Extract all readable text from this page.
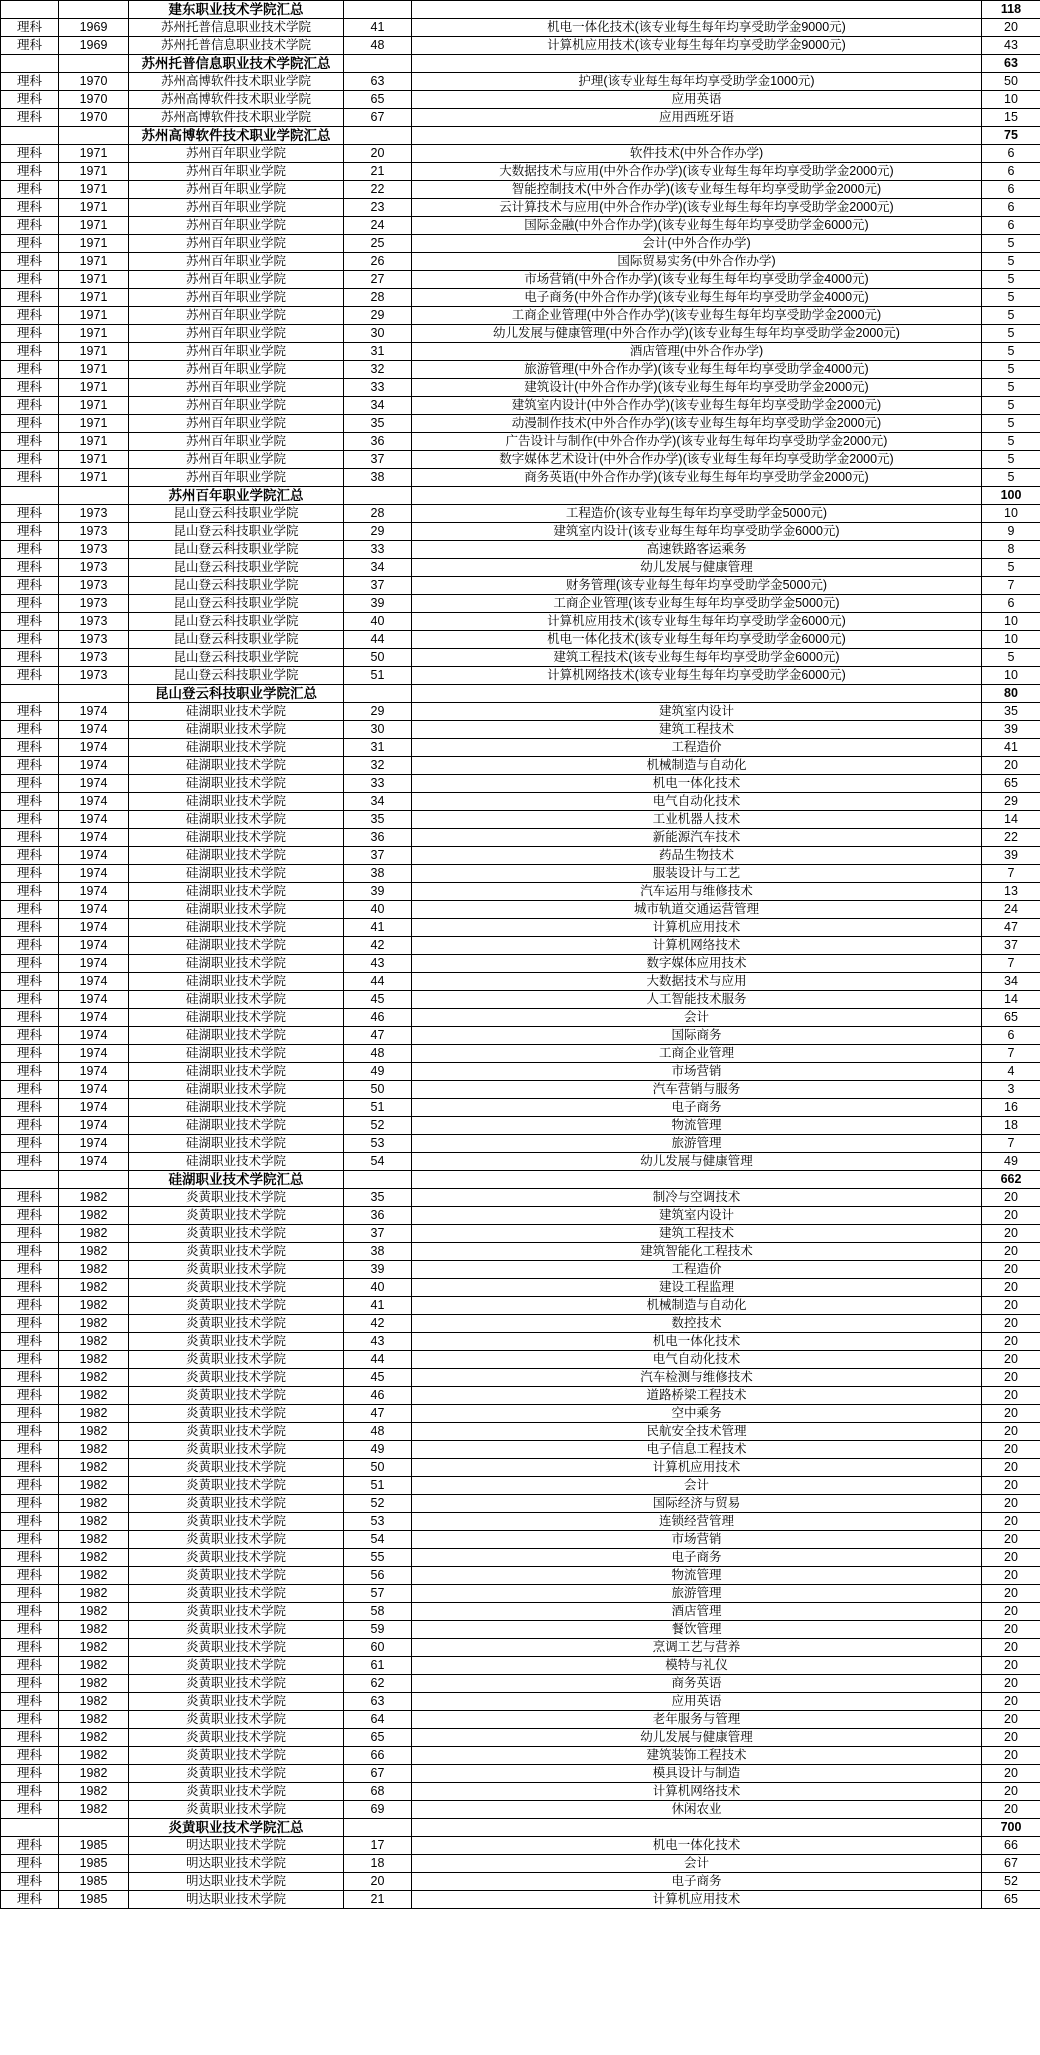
		建东职业技术学院汇总			118

理科	1969	苏州托普信息职业技术学院	41	机电一体化技术(该专业每生每年均享受助学金9000元)	20

理科	1969	苏州托普信息职业技术学院	48	计算机应用技术(该专业每生每年均享受助学金9000元)	43

		苏州托普信息职业技术学院汇总			63

理科	1970	苏州高博软件技术职业学院	63	护理(该专业每生每年均享受助学金1000元)	50

理科	1970	苏州高博软件技术职业学院	65	应用英语	10

理科	1970	苏州高博软件技术职业学院	67	应用西班牙语	15

		苏州高博软件技术职业学院汇总			75

理科	1971	苏州百年职业学院	20	软件技术(中外合作办学)	6

理科	1971	苏州百年职业学院	21	大数据技术与应用(中外合作办学)(该专业每生每年均享受助学金2000元)	6

理科	1971	苏州百年职业学院	22	智能控制技术(中外合作办学)(该专业每生每年均享受助学金2000元)	6

理科	1971	苏州百年职业学院	23	云计算技术与应用(中外合作办学)(该专业每生每年均享受助学金2000元)	6

理科	1971	苏州百年职业学院	24	国际金融(中外合作办学)(该专业每生每年均享受助学金6000元)	6

理科	1971	苏州百年职业学院	25	会计(中外合作办学)	5

理科	1971	苏州百年职业学院	26	国际贸易实务(中外合作办学)	5

理科	1971	苏州百年职业学院	27	市场营销(中外合作办学)(该专业每生每年均享受助学金4000元)	5

理科	1971	苏州百年职业学院	28	电子商务(中外合作办学)(该专业每生每年均享受助学金4000元)	5

理科	1971	苏州百年职业学院	29	工商企业管理(中外合作办学)(该专业每生每年均享受助学金2000元)	5

理科	1971	苏州百年职业学院	30	幼儿发展与健康管理(中外合作办学)(该专业每生每年均享受助学金2000元)	5

理科	1971	苏州百年职业学院	31	酒店管理(中外合作办学)	5

理科	1971	苏州百年职业学院	32	旅游管理(中外合作办学)(该专业每生每年均享受助学金4000元)	5

理科	1971	苏州百年职业学院	33	建筑设计(中外合作办学)(该专业每生每年均享受助学金2000元)	5

理科	1971	苏州百年职业学院	34	建筑室内设计(中外合作办学)(该专业每生每年均享受助学金2000元)	5

理科	1971	苏州百年职业学院	35	动漫制作技术(中外合作办学)(该专业每生每年均享受助学金2000元)	5

理科	1971	苏州百年职业学院	36	广告设计与制作(中外合作办学)(该专业每生每年均享受助学金2000元)	5

理科	1971	苏州百年职业学院	37	数字媒体艺术设计(中外合作办学)(该专业每生每年均享受助学金2000元)	5

理科	1971	苏州百年职业学院	38	商务英语(中外合作办学)(该专业每生每年均享受助学金2000元)	5

		苏州百年职业学院汇总			100

理科	1973	昆山登云科技职业学院	28	工程造价(该专业每生每年均享受助学金5000元)	10

理科	1973	昆山登云科技职业学院	29	建筑室内设计(该专业每生每年均享受助学金6000元)	9

理科	1973	昆山登云科技职业学院	33	高速铁路客运乘务	8

理科	1973	昆山登云科技职业学院	34	幼儿发展与健康管理	5

理科	1973	昆山登云科技职业学院	37	财务管理(该专业每生每年均享受助学金5000元)	7

理科	1973	昆山登云科技职业学院	39	工商企业管理(该专业每生每年均享受助学金5000元)	6

理科	1973	昆山登云科技职业学院	40	计算机应用技术(该专业每生每年均享受助学金6000元)	10

理科	1973	昆山登云科技职业学院	44	机电一体化技术(该专业每生每年均享受助学金6000元)	10

理科	1973	昆山登云科技职业学院	50	建筑工程技术(该专业每生每年均享受助学金6000元)	5

理科	1973	昆山登云科技职业学院	51	计算机网络技术(该专业每生每年均享受助学金6000元)	10

		昆山登云科技职业学院汇总			80

理科	1974	硅湖职业技术学院	29	建筑室内设计	35

理科	1974	硅湖职业技术学院	30	建筑工程技术	39

理科	1974	硅湖职业技术学院	31	工程造价	41

理科	1974	硅湖职业技术学院	32	机械制造与自动化	20

理科	1974	硅湖职业技术学院	33	机电一体化技术	65

理科	1974	硅湖职业技术学院	34	电气自动化技术	29

理科	1974	硅湖职业技术学院	35	工业机器人技术	14

理科	1974	硅湖职业技术学院	36	新能源汽车技术	22

理科	1974	硅湖职业技术学院	37	药品生物技术	39

理科	1974	硅湖职业技术学院	38	服装设计与工艺	7

理科	1974	硅湖职业技术学院	39	汽车运用与维修技术	13

理科	1974	硅湖职业技术学院	40	城市轨道交通运营管理	24

理科	1974	硅湖职业技术学院	41	计算机应用技术	47

理科	1974	硅湖职业技术学院	42	计算机网络技术	37

理科	1974	硅湖职业技术学院	43	数字媒体应用技术	7

理科	1974	硅湖职业技术学院	44	大数据技术与应用	34

理科	1974	硅湖职业技术学院	45	人工智能技术服务	14

理科	1974	硅湖职业技术学院	46	会计	65

理科	1974	硅湖职业技术学院	47	国际商务	6

理科	1974	硅湖职业技术学院	48	工商企业管理	7

理科	1974	硅湖职业技术学院	49	市场营销	4

理科	1974	硅湖职业技术学院	50	汽车营销与服务	3

理科	1974	硅湖职业技术学院	51	电子商务	16

理科	1974	硅湖职业技术学院	52	物流管理	18

理科	1974	硅湖职业技术学院	53	旅游管理	7

理科	1974	硅湖职业技术学院	54	幼儿发展与健康管理	49

		硅湖职业技术学院汇总			662

理科	1982	炎黄职业技术学院	35	制冷与空调技术	20

理科	1982	炎黄职业技术学院	36	建筑室内设计	20

理科	1982	炎黄职业技术学院	37	建筑工程技术	20

理科	1982	炎黄职业技术学院	38	建筑智能化工程技术	20

理科	1982	炎黄职业技术学院	39	工程造价	20

理科	1982	炎黄职业技术学院	40	建设工程监理	20

理科	1982	炎黄职业技术学院	41	机械制造与自动化	20

理科	1982	炎黄职业技术学院	42	数控技术	20

理科	1982	炎黄职业技术学院	43	机电一体化技术	20

理科	1982	炎黄职业技术学院	44	电气自动化技术	20

理科	1982	炎黄职业技术学院	45	汽车检测与维修技术	20

理科	1982	炎黄职业技术学院	46	道路桥梁工程技术	20

理科	1982	炎黄职业技术学院	47	空中乘务	20

理科	1982	炎黄职业技术学院	48	民航安全技术管理	20

理科	1982	炎黄职业技术学院	49	电子信息工程技术	20

理科	1982	炎黄职业技术学院	50	计算机应用技术	20

理科	1982	炎黄职业技术学院	51	会计	20

理科	1982	炎黄职业技术学院	52	国际经济与贸易	20

理科	1982	炎黄职业技术学院	53	连锁经营管理	20

理科	1982	炎黄职业技术学院	54	市场营销	20

理科	1982	炎黄职业技术学院	55	电子商务	20

理科	1982	炎黄职业技术学院	56	物流管理	20

理科	1982	炎黄职业技术学院	57	旅游管理	20

理科	1982	炎黄职业技术学院	58	酒店管理	20

理科	1982	炎黄职业技术学院	59	餐饮管理	20

理科	1982	炎黄职业技术学院	60	烹调工艺与营养	20

理科	1982	炎黄职业技术学院	61	模特与礼仪	20

理科	1982	炎黄职业技术学院	62	商务英语	20

理科	1982	炎黄职业技术学院	63	应用英语	20

理科	1982	炎黄职业技术学院	64	老年服务与管理	20

理科	1982	炎黄职业技术学院	65	幼儿发展与健康管理	20

理科	1982	炎黄职业技术学院	66	建筑装饰工程技术	20

理科	1982	炎黄职业技术学院	67	模具设计与制造	20

理科	1982	炎黄职业技术学院	68	计算机网络技术	20

理科	1982	炎黄职业技术学院	69	休闲农业	20

		炎黄职业技术学院汇总			700

理科	1985	明达职业技术学院	17	机电一体化技术	66

理科	1985	明达职业技术学院	18	会计	67

理科	1985	明达职业技术学院	20	电子商务	52

理科	1985	明达职业技术学院	21	计算机应用技术	65
